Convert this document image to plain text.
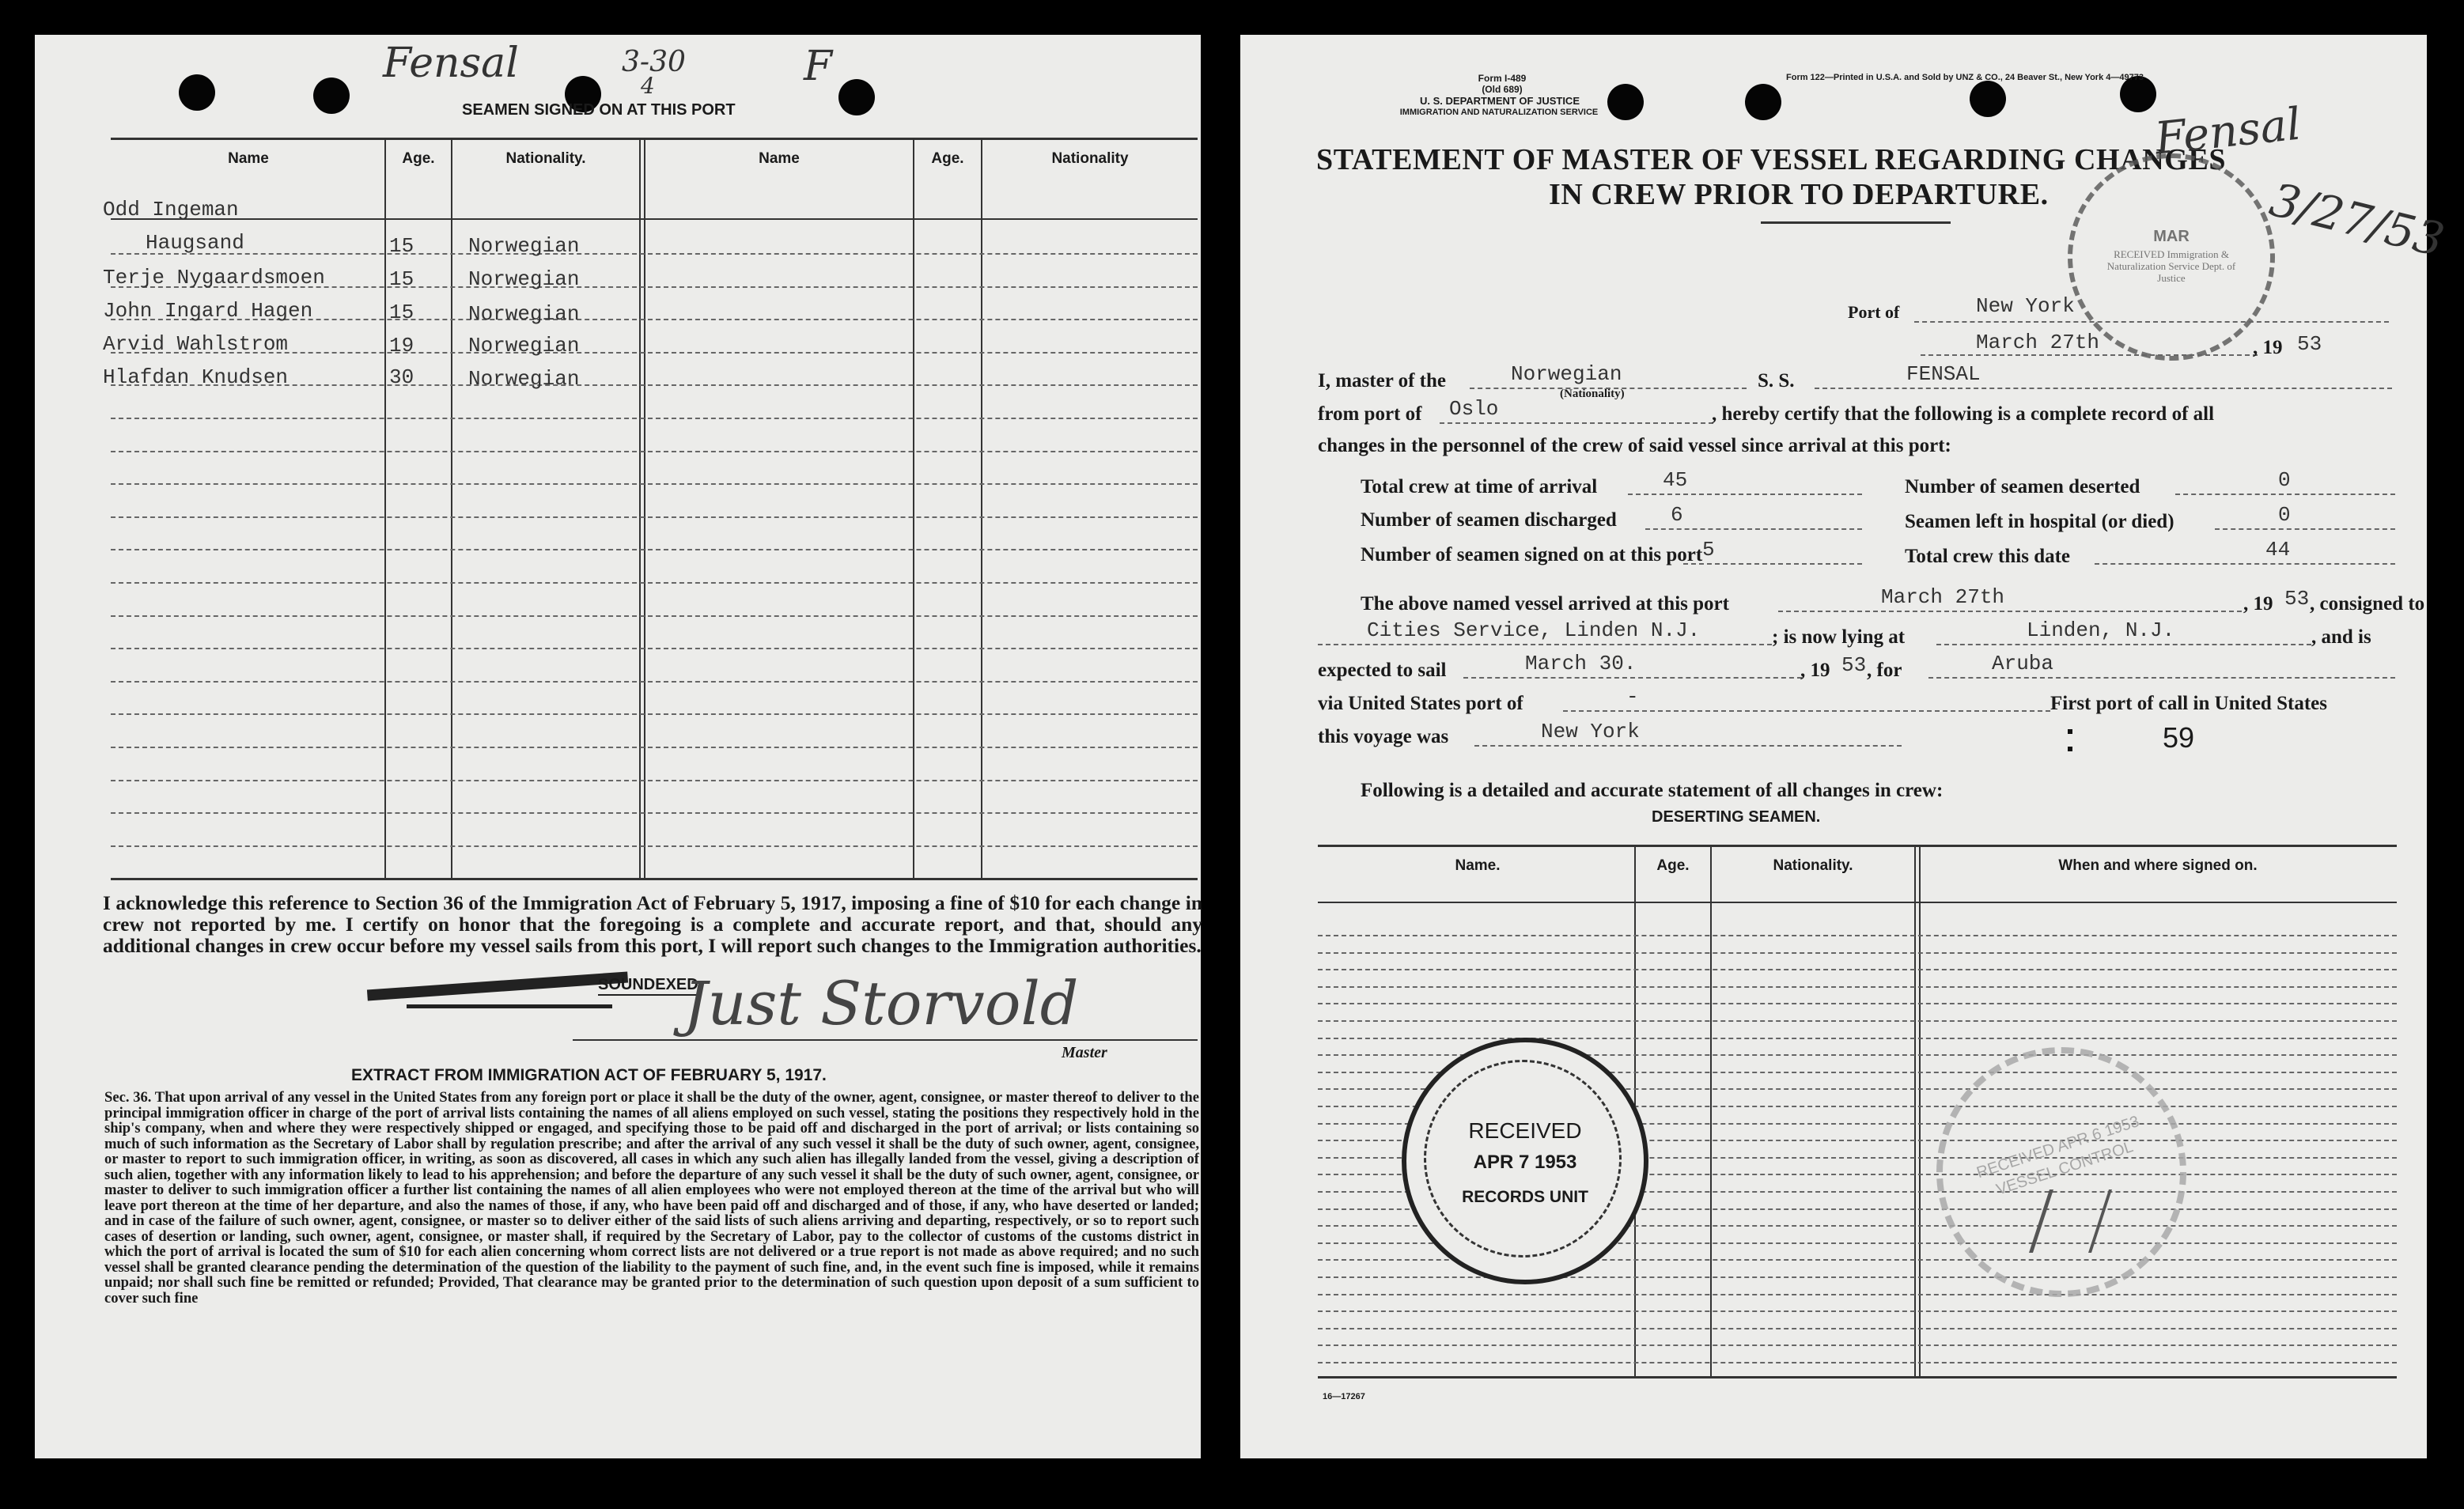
Fensal	3-30
4	F
SEAMEN SIGNED ON AT THIS PORT
Name	Age.	Nationality.	Name	Age.	Nationality
Odd Ingeman
Haugsand	15	Norwegian
Terje Nygaardsmoen	15	Norwegian
John Ingard Hagen	15	Norwegian
Arvid Wahlstrom	19	Norwegian
Hlafdan Knudsen	30	Norwegian
I acknowledge this reference to Section 36 of the Immigration Act of February 5, 1917, imposing a fine of $10 for each change in crew not reported by me. I certify on honor that the foregoing is a complete and accurate report, and that, should any additional changes in crew occur before my vessel sails from this port, I will report such changes to the Immigration authorities.
SOUNDEXED
Just Storvold
Master
EXTRACT FROM IMMIGRATION ACT OF FEBRUARY 5, 1917.
Sec. 36. That upon arrival of any vessel in the United States from any foreign port or place it shall be the duty of the owner, agent, consignee, or master thereof to deliver to the principal immigration officer in charge of the port of arrival lists containing the names of all aliens employed on such vessel, stating the positions they respectively hold in the ship's company, when and where they were respectively shipped or engaged, and specifying those to be paid off and discharged in the port of arrival; or lists containing so much of such information as the Secretary of Labor shall by regulation prescribe; and after the arrival of any such vessel it shall be the duty of such owner, agent, consignee, or master to report to such immigration officer, in writing, as soon as discovered, all cases in which any such alien has illegally landed from the vessel, giving a description of such alien, together with any information likely to lead to his apprehension; and before the departure of any such vessel it shall be the duty of such owner, agent, consignee, or master to deliver to such immigration officer a further list containing the names of all alien employees who were not employed thereon at the time of the arrival but who will leave port thereon at the time of her departure, and also the names of those, if any, who have been paid off and discharged and of those, if any, who have deserted or landed; and in case of the failure of such owner, agent, consignee, or master so to deliver either of the said lists of such aliens arriving and departing, respectively, or so to report such cases of desertion or landing, such owner, agent, consignee, or master shall, if required by the Secretary of Labor, pay to the collector of customs of the customs district in which the port of arrival is located the sum of $10 for each alien concerning whom correct lists are not delivered or a true report is not made as above required; and no such vessel shall be granted clearance pending the determination of the question of the liability to the payment of such fine, and, in the event such fine is imposed, while it remains unpaid; nor shall such fine be remitted or refunded; Provided, That clearance may be granted prior to the determination of such question upon deposit of a sum sufficient to cover such fine
Form I-489
(Old 689)
U. S. DEPARTMENT OF JUSTICE
IMMIGRATION AND NATURALIZATION SERVICE
Form 122—Printed in U.S.A. and Sold by UNZ & CO., 24 Beaver St., New York 4—49773
STATEMENT OF MASTER OF VESSEL REGARDING CHANGES
IN CREW PRIOR TO DEPARTURE.
Fensal
3/27/53
MAR
RECEIVED Immigration & Naturalization Service Dept. of Justice
Port of	New York
March 27th	, 19 53
I, master of the	Norwegian
(Nationality)
S. S.	FENSAL
from port of Oslo	, hereby certify that the following is a complete record of all
changes in the personnel of the crew of said vessel since arrival at this port:
Total crew at time of arrival	45	Number of seamen deserted	0
Number of seamen discharged	6	Seamen left in hospital (or died)	0
Number of seamen signed on at this port 5	Total crew this date	44
The above named vessel arrived at this port	March 27th	, 19 53 , consigned to
Cities Service, Linden N.J.	; is now lying at	Linden, N.J.	, and is
expected to sail	March 30.	, 19 53 , for	Aruba
via United States port of	-	First port of call in United States
this voyage was	New York	59
Following is a detailed and accurate statement of all changes in crew:
DESERTING SEAMEN.
Name.	Age.	Nationality.	When and where signed on.
RECEIVED
APR 7 1953
RECORDS UNIT
RECEIVED APR 6 1953 VESSEL CONTROL
16—17267
